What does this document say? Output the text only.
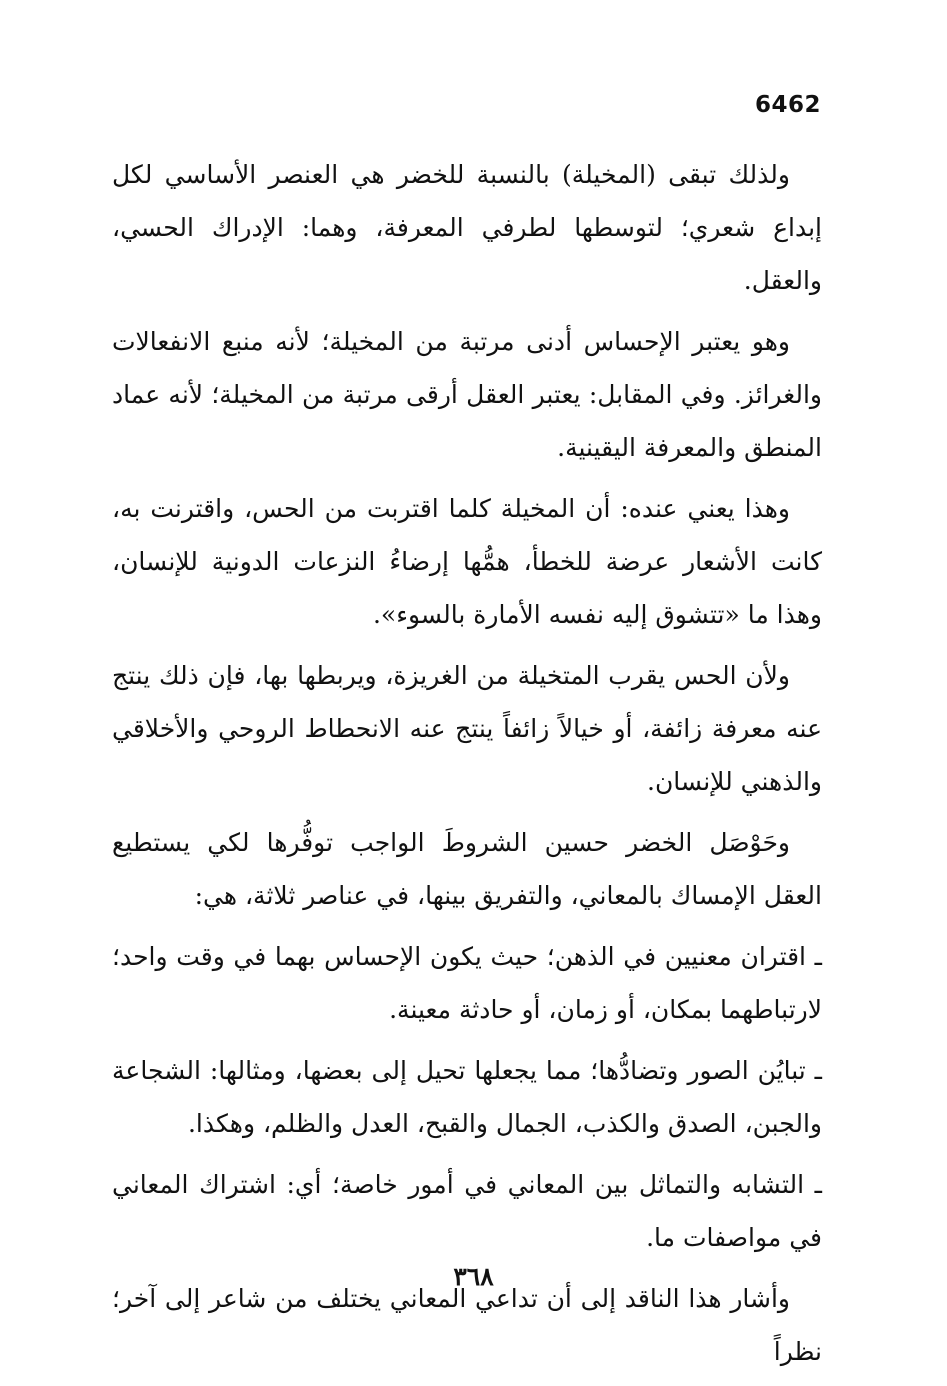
6462

ولذلك تبقى (المخيلة) بالنسبة للخضر هي العنصر الأساسي لكل إبداع شعري؛ لتوسطها لطرفي المعرفة، وهما: الإدراك الحسي، والعقل.

وهو يعتبر الإحساس أدنى مرتبة من المخيلة؛ لأنه منبع الانفعالات والغرائز. وفي المقابل: يعتبر العقل أرقى مرتبة من المخيلة؛ لأنه عماد المنطق والمعرفة اليقينية.

وهذا يعني عنده: أن المخيلة كلما اقتربت من الحس، واقترنت به، كانت الأشعار عرضة للخطأ، همُّها إرضاءُ النزعات الدونية للإنسان، وهذا ما «تتشوق إليه نفسه الأمارة بالسوء».

ولأن الحس يقرب المتخيلة من الغريزة، ويربطها بها، فإن ذلك ينتج عنه معرفة زائفة، أو خيالاً زائفاً ينتج عنه الانحطاط الروحي والأخلاقي والذهني للإنسان.

وحَوْصَل الخضر حسين الشروطَ الواجب توفُّرها لكي يستطيع العقل الإمساك بالمعاني، والتفريق بينها، في عناصر ثلاثة، هي:

ـ اقتران معنيين في الذهن؛ حيث يكون الإحساس بهما في وقت واحد؛ لارتباطهما بمكان، أو زمان، أو حادثة معينة.

ـ تبايُن الصور وتضادُّها؛ مما يجعلها تحيل إلى بعضها، ومثالها: الشجاعة والجبن، الصدق والكذب، الجمال والقبح، العدل والظلم، وهكذا.

ـ التشابه والتماثل بين المعاني في أمور خاصة؛ أي: اشتراك المعاني في مواصفات ما.

وأشار هذا الناقد إلى أن تداعي المعاني يختلف من شاعر إلى آخر؛ نظراً

٣٦٨
